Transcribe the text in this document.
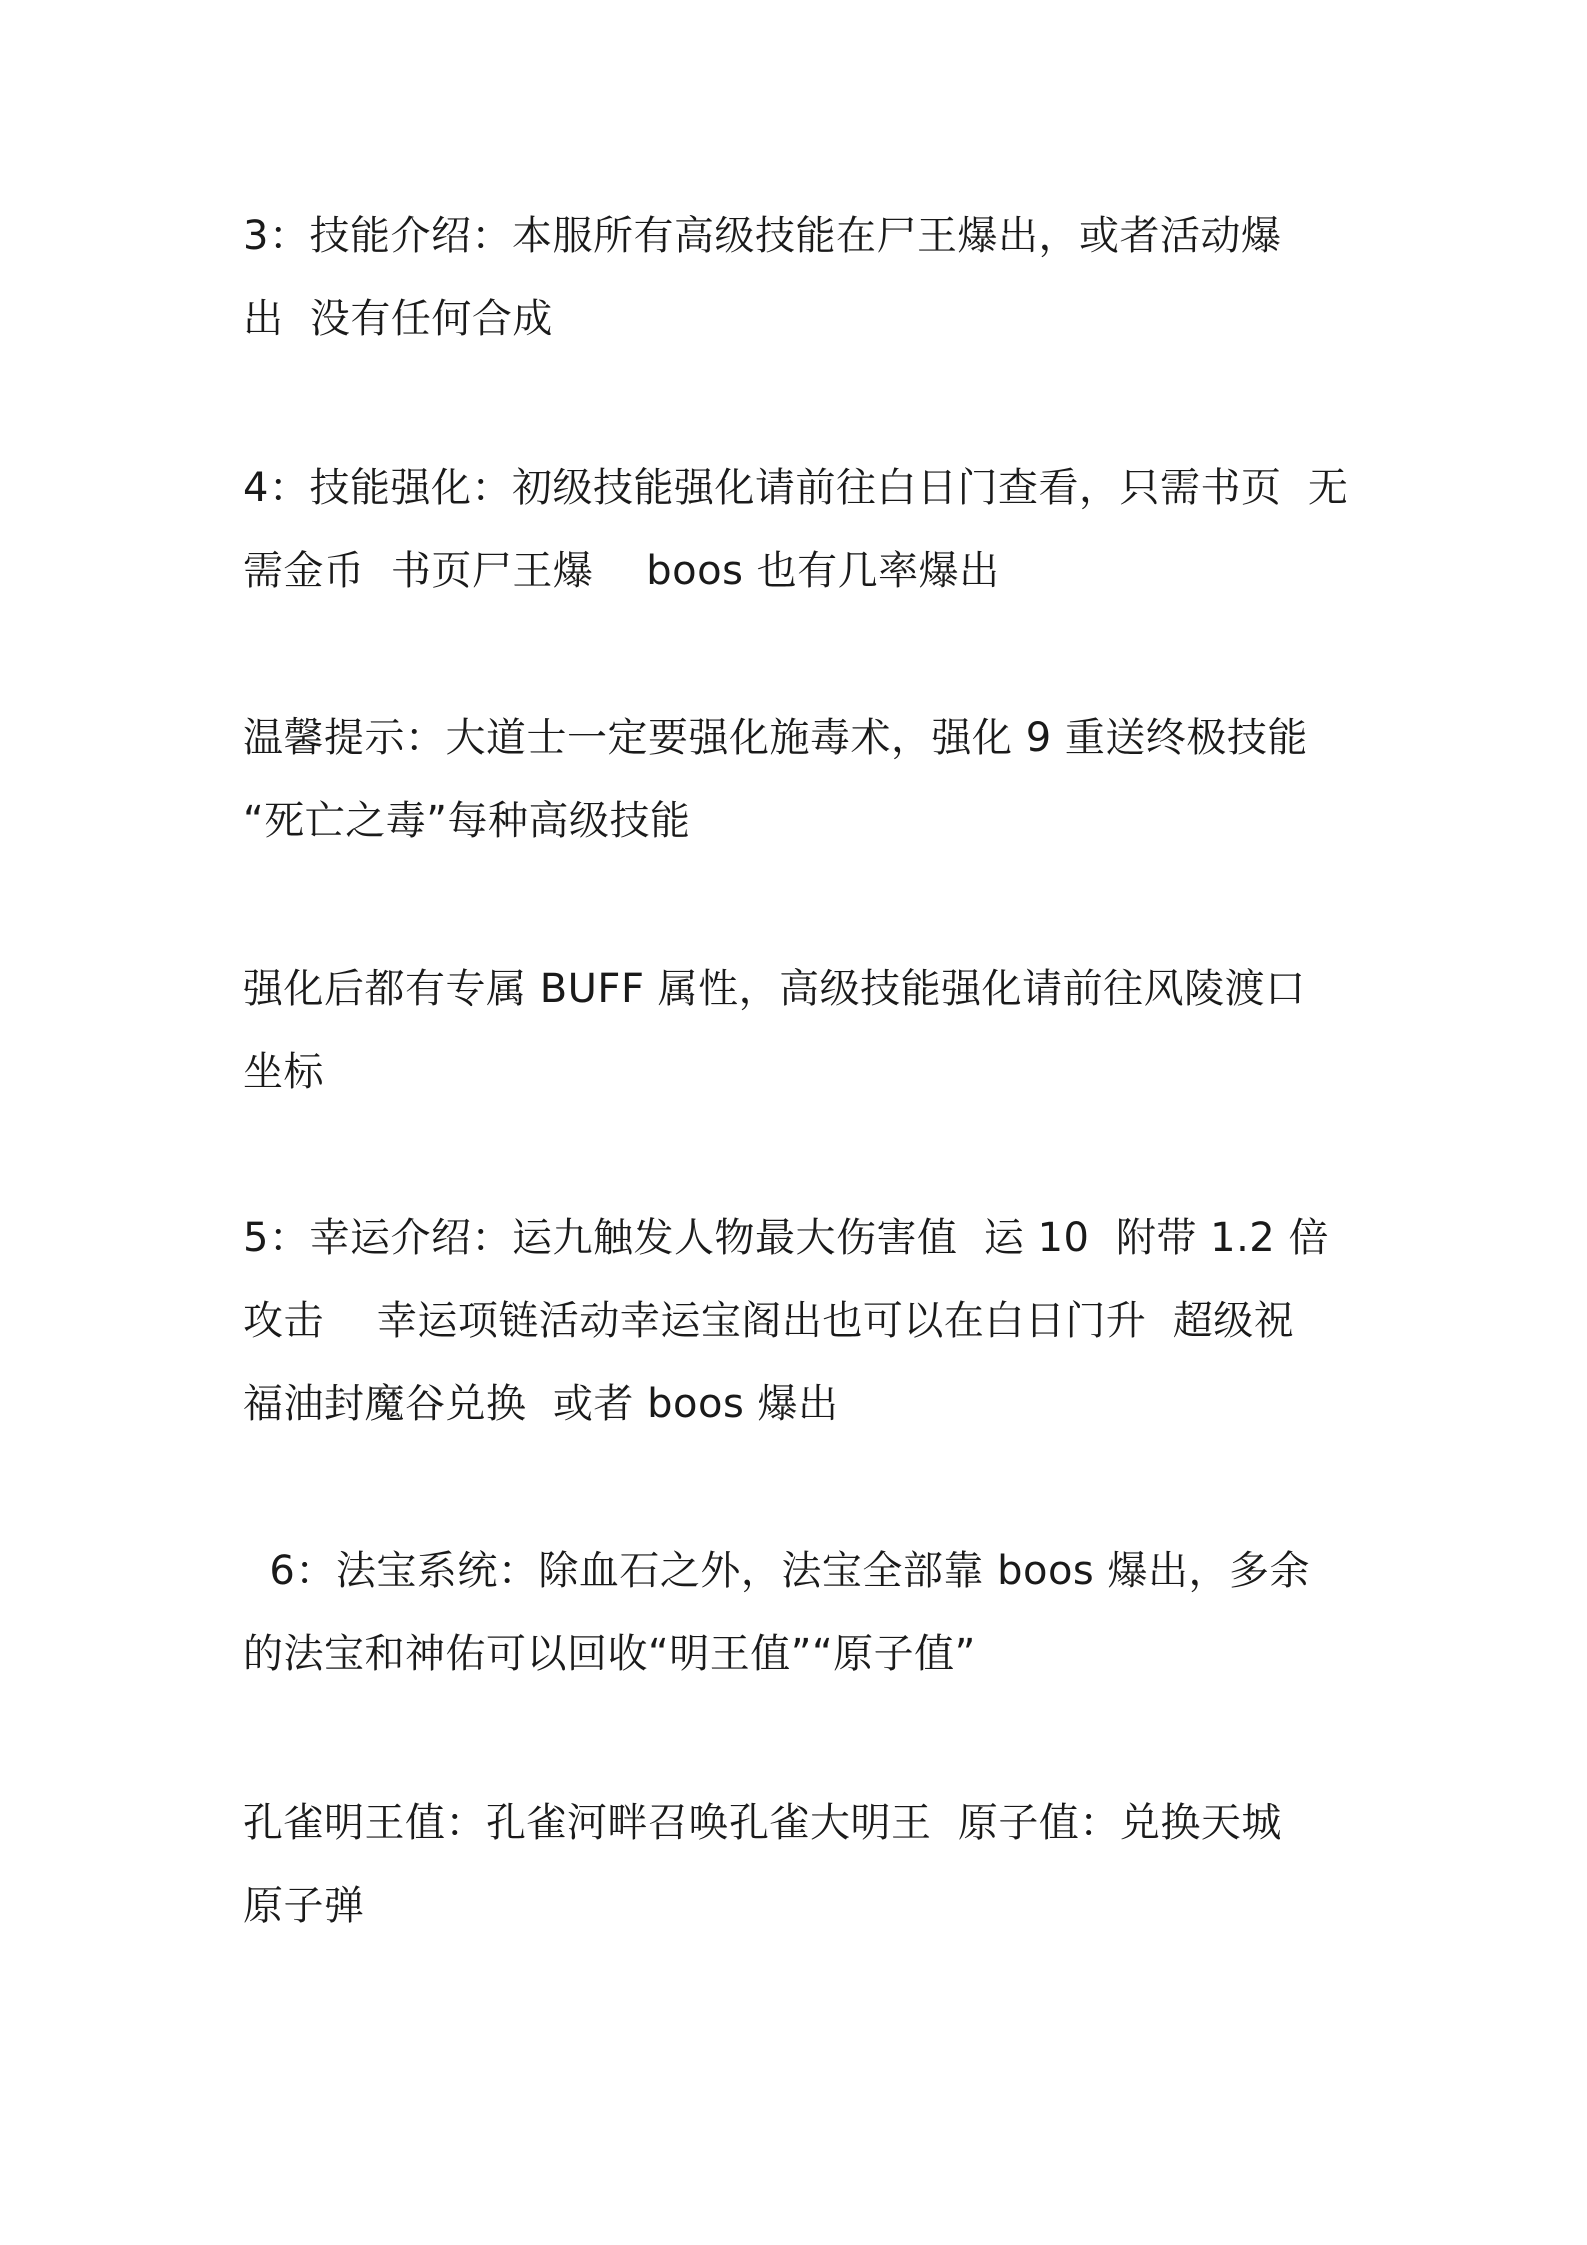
3：技能介绍：本服所有高级技能在尸王爆出，或者活动爆
出  没有任何合成

4：技能强化：初级技能强化请前往白日门查看，只需书页  无
需金币  书页尸王爆    boos 也有几率爆出

温馨提示：大道士一定要强化施毒术，强化 9 重送终极技能
“死亡之毒”每种高级技能

强化后都有专属 BUFF 属性，高级技能强化请前往风陵渡口
坐标

5：幸运介绍：运九触发人物最大伤害值  运 10  附带 1.2 倍
攻击    幸运项链活动幸运宝阁出也可以在白日门升  超级祝
福油封魔谷兑换  或者 boos 爆出

6：法宝系统：除血石之外，法宝全部靠 boos 爆出，多余
的法宝和神佑可以回收“明王值”“原子值”

孔雀明王值：孔雀河畔召唤孔雀大明王  原子值：兑换天城
原子弹
